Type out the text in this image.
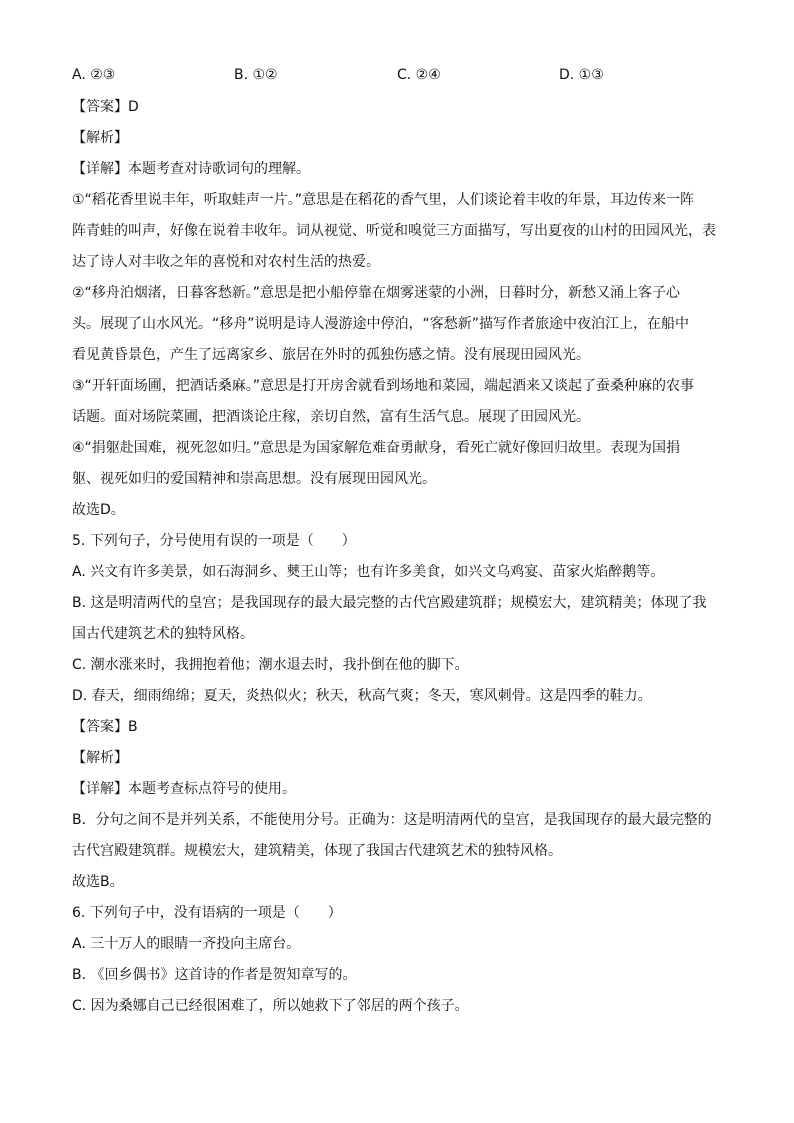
A. ②③	B. ①②	C. ②④	D. ①③
【答案】D
【解析】
【详解】本题考查对诗歌词句的理解。
①“稻花香里说丰年，听取蛙声一片。”意思是在稻花的香气里，人们谈论着丰收的年景，耳边传来一阵
阵青蛙的叫声，好像在说着丰收年。词从视觉、听觉和嗅觉三方面描写，写出夏夜的山村的田园风光，表
达了诗人对丰收之年的喜悦和对农村生活的热爱。
②“移舟泊烟渚，日暮客愁新。”意思是把小船停靠在烟雾迷蒙的小洲，日暮时分，新愁又涌上客子心
头。展现了山水风光。“移舟”说明是诗人漫游途中停泊，“客愁新”描写作者旅途中夜泊江上，在船中
看见黄昏景色，产生了远离家乡、旅居在外时的孤独伤感之情。没有展现田园风光。
③“开轩面场圃，把酒话桑麻。”意思是打开房舍就看到场地和菜园，端起酒来又谈起了蚕桑种麻的农事
话题。面对场院菜圃，把酒谈论庄稼，亲切自然，富有生活气息。展现了田园风光。
④“捐躯赴国难，视死忽如归。”意思是为国家解危难奋勇献身，看死亡就好像回归故里。表现为国捐
躯、视死如归的爱国精神和崇高思想。没有展现田园风光。
故选D。
5. 下列句子，分号使用有误的一项是（　　）
A. 兴文有许多美景，如石海洞乡、僰王山等；也有许多美食，如兴文乌鸡宴、苗家火焰醉鹅等。
B. 这是明清两代的皇宫；是我国现存的最大最完整的古代宫殿建筑群；规模宏大，建筑精美；体现了我
国古代建筑艺术的独特风格。
C. 潮水涨来时，我拥抱着他；潮水退去时，我扑倒在他的脚下。
D. 春天，细雨绵绵；夏天，炎热似火；秋天，秋高气爽；冬天，寒风刺骨。这是四季的鞋力。
【答案】B
【解析】
【详解】本题考查标点符号的使用。
B．分句之间不是并列关系，不能使用分号。正确为：这是明清两代的皇宫，是我国现存的最大最完整的
古代宫殿建筑群。规模宏大，建筑精美，体现了我国古代建筑艺术的独特风格。
故选B。
6. 下列句子中，没有语病的一项是（　　）
A. 三十万人的眼睛一齐投向主席台。
B. 《回乡偶书》这首诗的作者是贺知章写的。
C. 因为桑娜自己已经很困难了，所以她救下了邻居的两个孩子。
